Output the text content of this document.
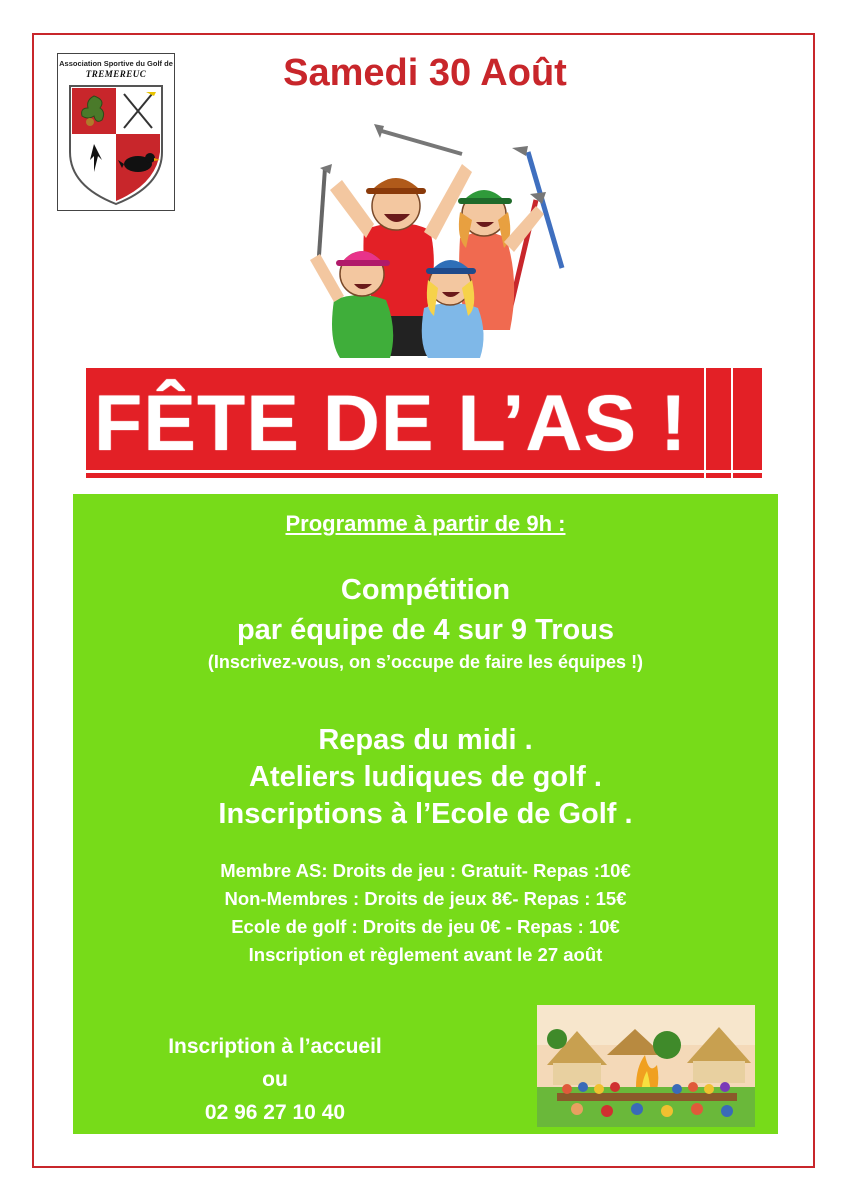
Association Sportive du Golf de
TREMEREUC	Samedi 30 Août
FÊTE DE L’AS !
Programme à partir de 9h :
Compétition
par équipe de 4 sur 9 Trous
(Inscrivez-vous, on s’occupe de faire les équipes !)
Repas du midi .
Ateliers ludiques de golf .
Inscriptions à l’Ecole de Golf .
Membre AS: Droits de jeu : Gratuit- Repas :10€
Non-Membres : Droits de jeux 8€- Repas : 15€
Ecole de golf : Droits de jeu 0€ - Repas : 10€
Inscription et règlement avant le 27 août
Inscription à l’accueil
ou
02 96 27 10 40
